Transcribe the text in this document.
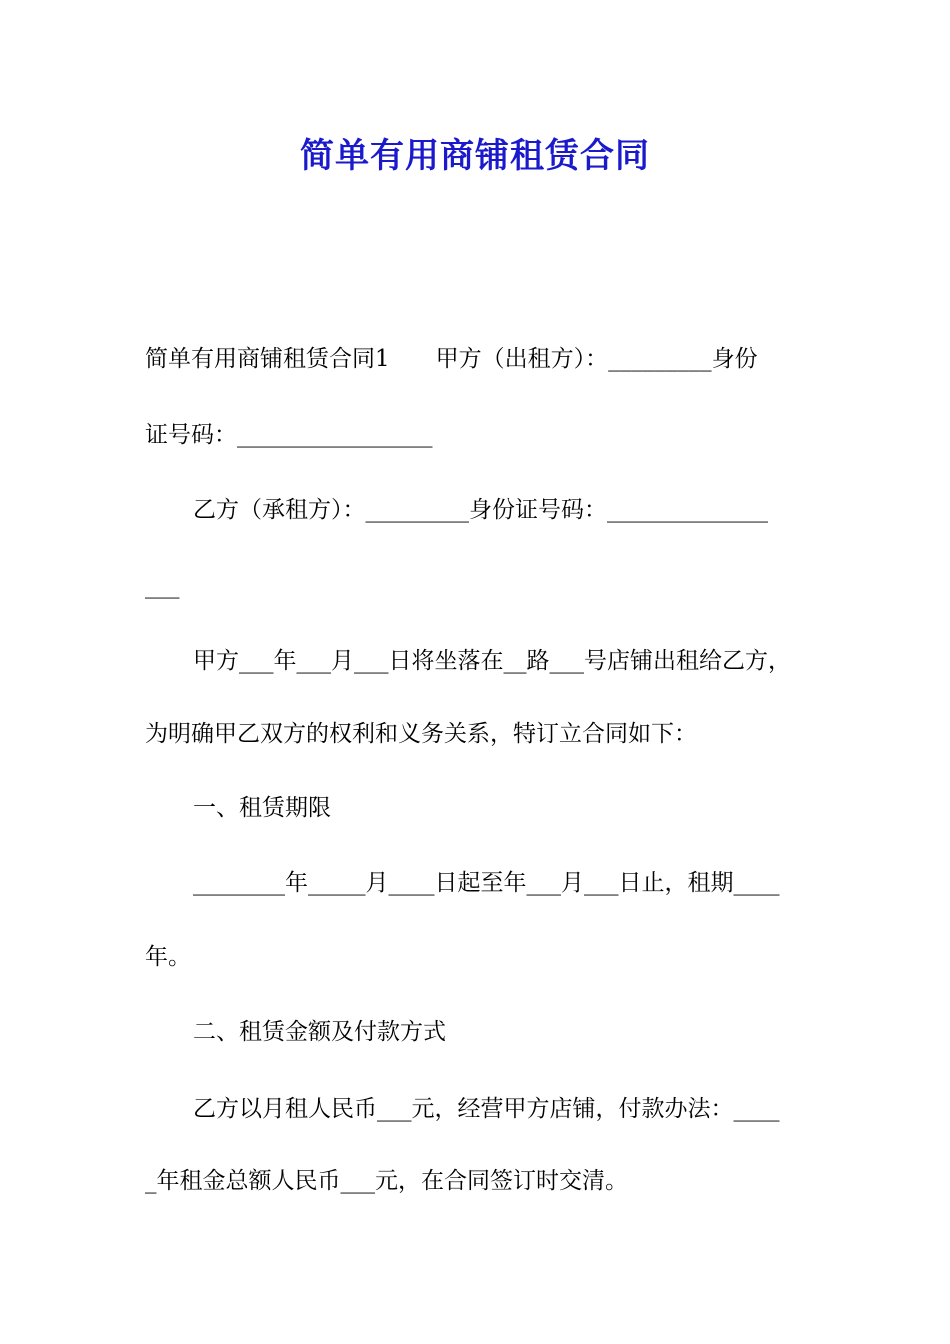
简单有用商铺租赁合同
简单有用商铺租赁合同1　　甲方（出租方）：_________身份
证号码：_________________
乙方（承租方）：_________身份证号码：______________
___
甲方___年___月___日将坐落在__路___号店铺出租给乙方，
为明确甲乙双方的权利和义务关系，特订立合同如下：
一、租赁期限
________年_____月____日起至年___月___日止，租期____
年。
二、租赁金额及付款方式
乙方以月租人民币___元，经营甲方店铺，付款办法：____
_年租金总额人民币___元，在合同签订时交清。
